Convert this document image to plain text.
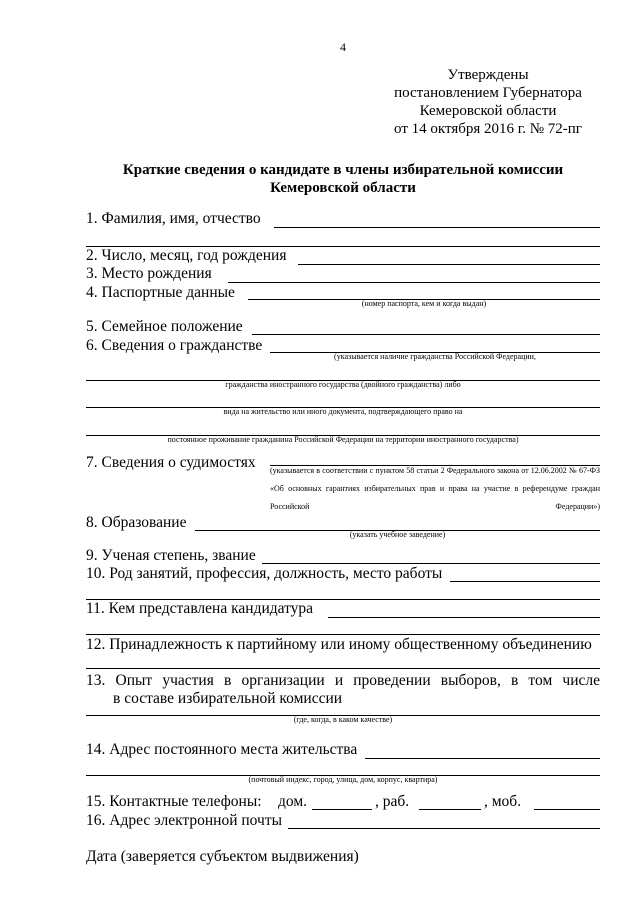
4
Утверждены
постановлением Губернатора
Кемеровской области
от 14 октября 2016 г. № 72-пг
Краткие сведения о кандидате в члены избирательной комиссии
Кемеровской области
1. Фамилия, имя, отчество
2. Число, месяц, год рождения
3. Место рождения
4. Паспортные данные
(номер паспорта, кем и когда выдан)
5. Семейное положение
6. Сведения о гражданстве
(указывается наличие гражданства Российской Федерации,
гражданства иностранного государства (двойного гражданства) либо
вида на жительство или иного документа, подтверждающего право на
постоянное проживание гражданина Российской Федерации на территории иностранного государства)
7. Сведения о судимостях (указывается в соответствии с пунктом 58 статьи 2 Федерального закона от 12.06.2002 № 67-ФЗ «Об основных гарантиях избирательных прав и права на участие в референдуме граждан Российской Федерации»)
8. Образование
(указать учебное заведение)
9. Ученая степень, звание
10. Род занятий, профессия, должность, место работы
11. Кем представлена кандидатура
12. Принадлежность к партийному или иному общественному объединению
13. Опыт участия в организации и проведении выборов, в том числе
в составе избирательной комиссии
(где, когда, в каком качестве)
14. Адрес постоянного места жительства
(почтовый индекс, город, улица, дом, корпус, квартира)
15. Контактные телефоны: дом.	, раб.	, моб.
16. Адрес электронной почты
Дата (заверяется субъектом выдвижения)
